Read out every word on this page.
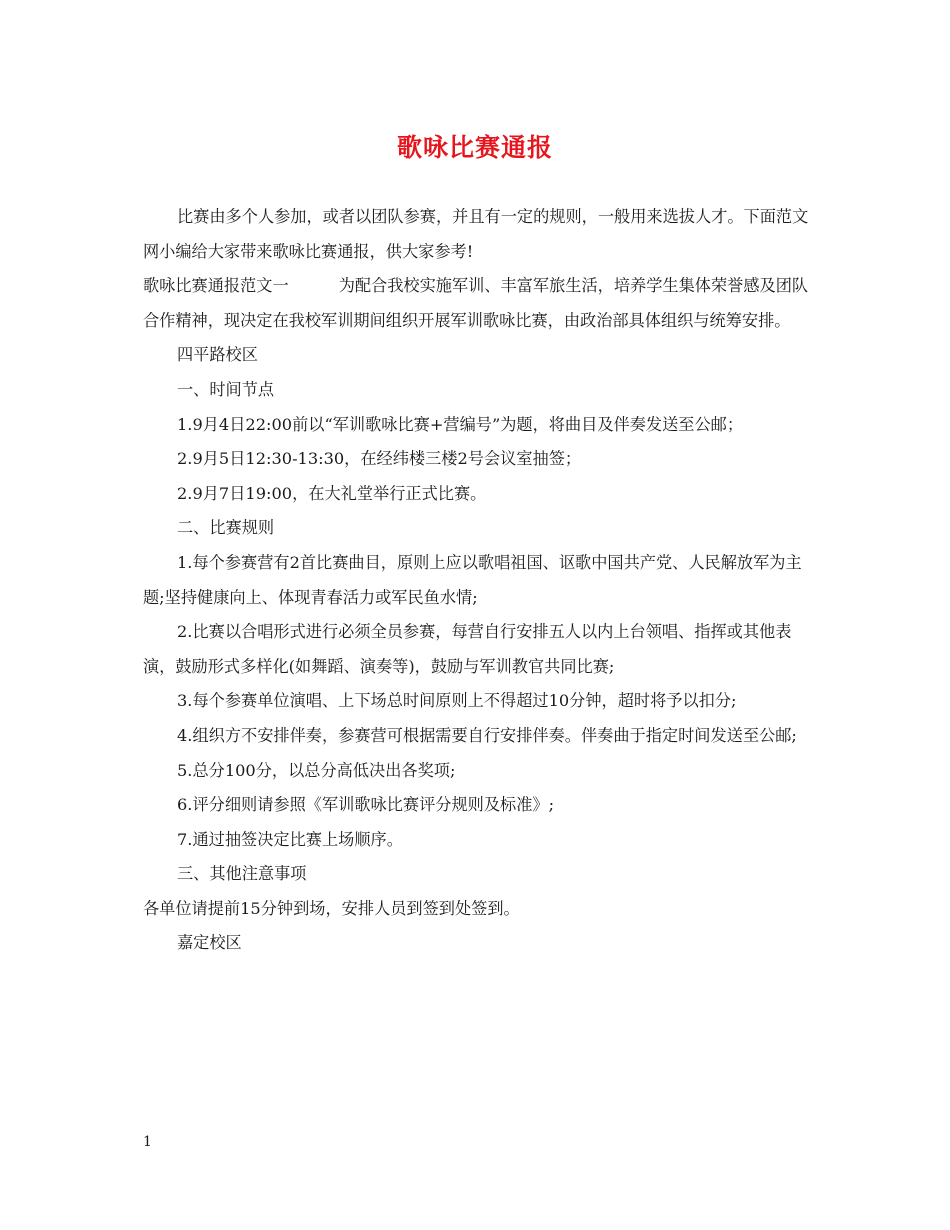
歌咏比赛通报

比赛由多个人参加，或者以团队参赛，并且有一定的规则，一般用来选拔人才。下面范文网小编给大家带来歌咏比赛通报，供大家参考!

歌咏比赛通报范文一	为配合我校实施军训、丰富军旅生活，培养学生集体荣誉感及团队合作精神，现决定在我校军训期间组织开展军训歌咏比赛，由政治部具体组织与统筹安排。

四平路校区

一、时间节点

1.9月4日22:00前以“军训歌咏比赛+营编号”为题，将曲目及伴奏发送至公邮；

2.9月5日12:30-13:30，在经纬楼三楼2号会议室抽签；

2.9月7日19:00，在大礼堂举行正式比赛。

二、比赛规则

1.每个参赛营有2首比赛曲目，原则上应以歌唱祖国、讴歌中国共产党、人民解放军为主题;坚持健康向上、体现青春活力或军民鱼水情;

2.比赛以合唱形式进行必须全员参赛，每营自行安排五人以内上台领唱、指挥或其他表演，鼓励形式多样化(如舞蹈、演奏等)，鼓励与军训教官共同比赛;

3.每个参赛单位演唱、上下场总时间原则上不得超过10分钟，超时将予以扣分;

4.组织方不安排伴奏，参赛营可根据需要自行安排伴奏。伴奏曲于指定时间发送至公邮;

5.总分100分，以总分高低决出各奖项;

6.评分细则请参照《军训歌咏比赛评分规则及标准》;

7.通过抽签决定比赛上场顺序。

三、其他注意事项

各单位请提前15分钟到场，安排人员到签到处签到。

嘉定校区

1
